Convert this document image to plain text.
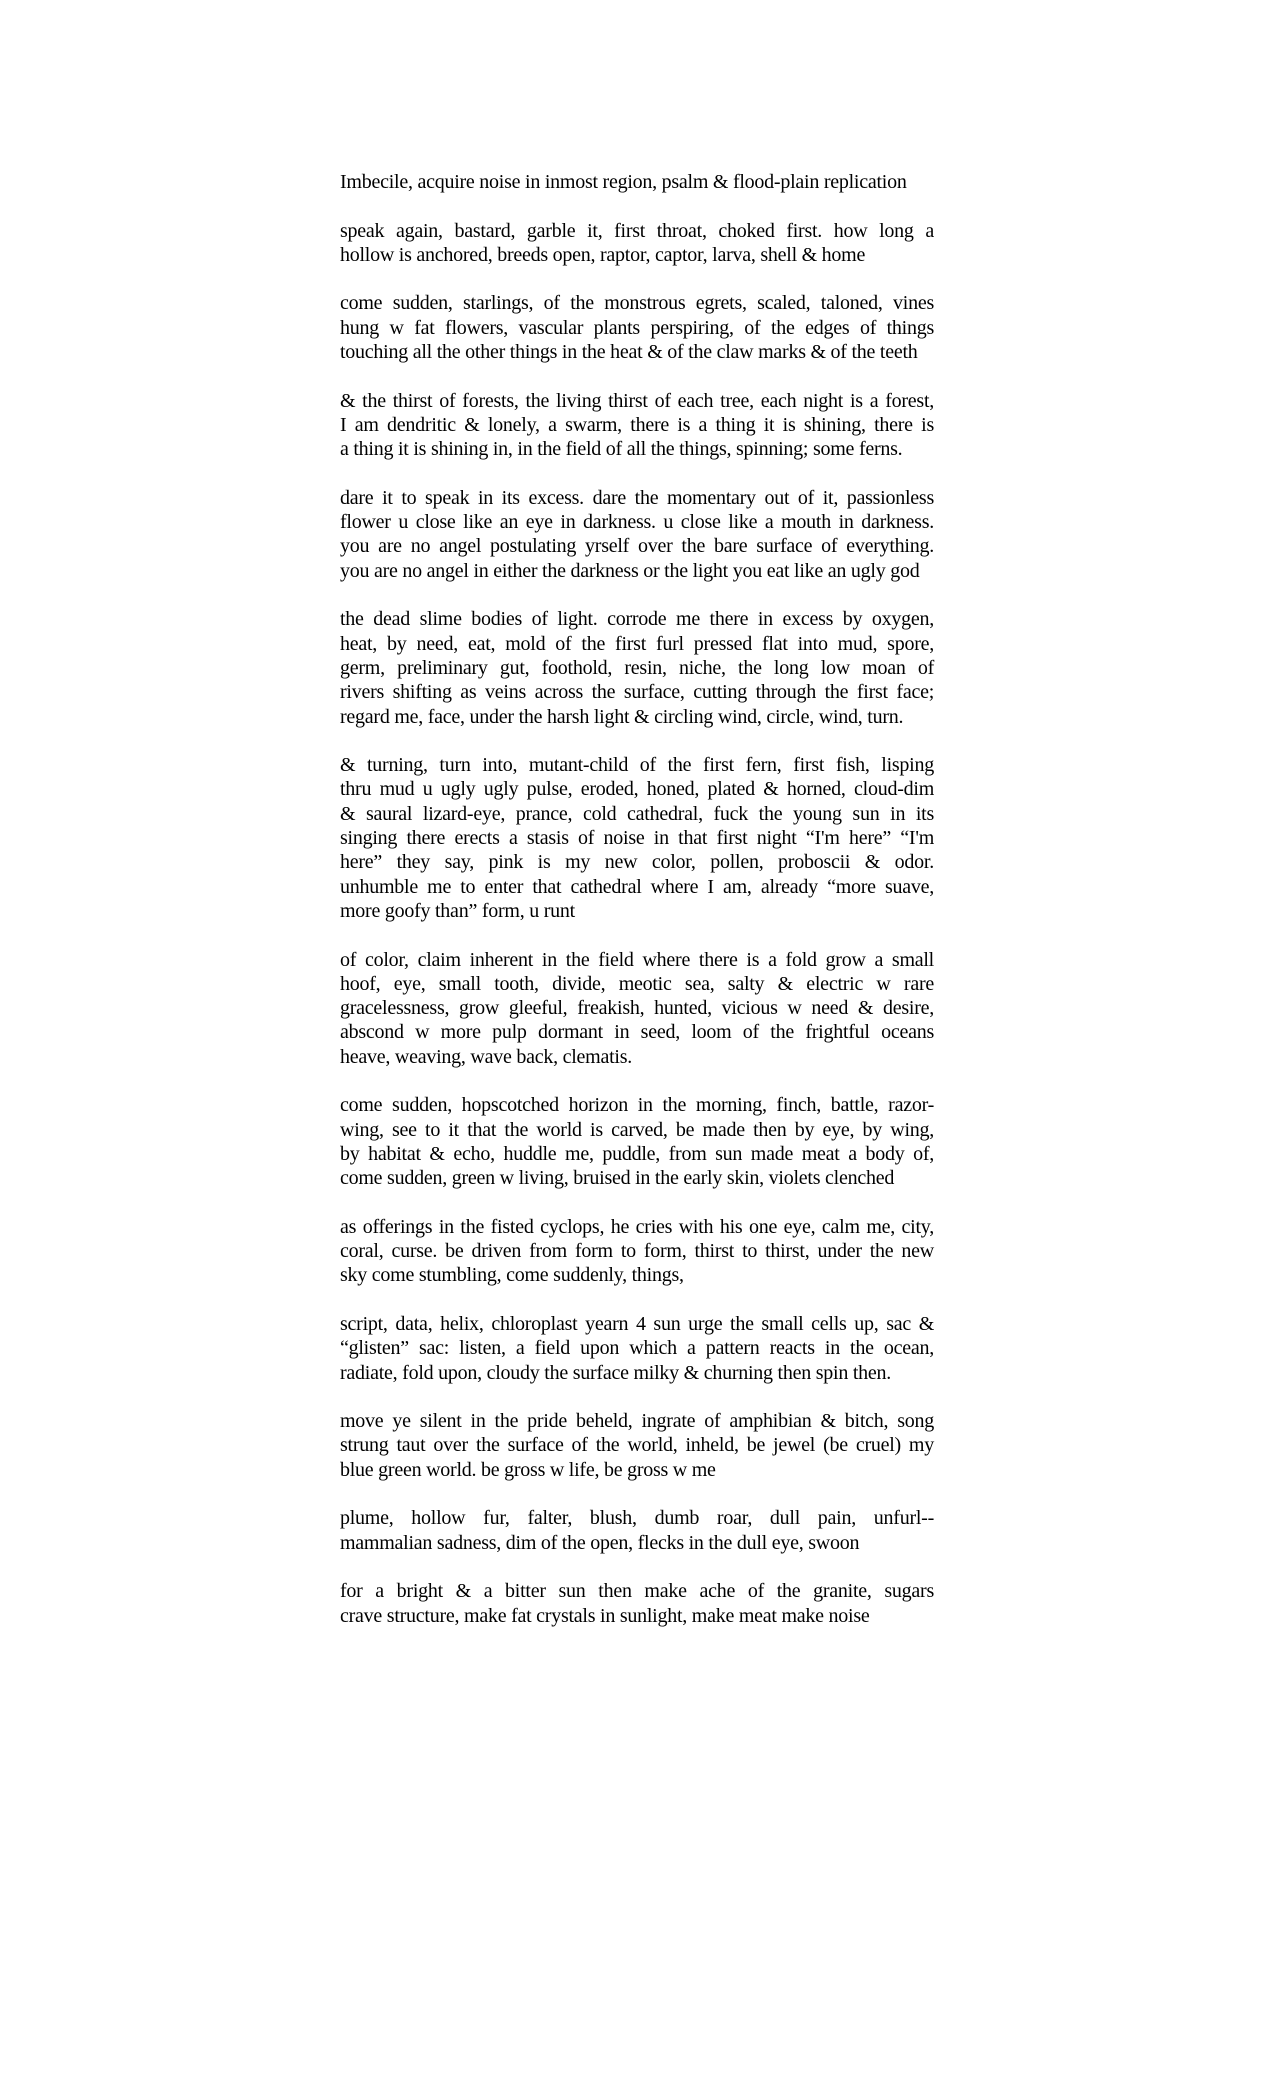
Imbecile, acquire noise in inmost region, psalm & flood-plain replication
speak again, bastard, garble it, first throat, choked first. how long a
hollow is anchored, breeds open, raptor, captor, larva, shell & home
come sudden, starlings, of the monstrous egrets, scaled, taloned, vines
hung w fat flowers, vascular plants perspiring, of the edges of things
touching all the other things in the heat & of the claw marks & of the teeth
& the thirst of forests, the living thirst of each tree, each night is a forest,
I am dendritic & lonely, a swarm, there is a thing it is shining, there is
a thing it is shining in, in the field of all the things, spinning; some ferns.
dare it to speak in its excess. dare the momentary out of it, passionless
flower u close like an eye in darkness. u close like a mouth in darkness.
you are no angel postulating yrself over the bare surface of everything.
you are no angel in either the darkness or the light you eat like an ugly god
the dead slime bodies of light. corrode me there in excess by oxygen,
heat, by need, eat, mold of the first furl pressed flat into mud, spore,
germ, preliminary gut, foothold, resin, niche, the long low moan of
rivers shifting as veins across the surface, cutting through the first face;
regard me, face, under the harsh light & circling wind, circle, wind, turn.
& turning, turn into, mutant-child of the first fern, first fish, lisping
thru mud u ugly ugly pulse, eroded, honed, plated & horned, cloud-dim
& saural lizard-eye, prance, cold cathedral, fuck the young sun in its
singing there erects a stasis of noise in that first night “I'm here” “I'm
here” they say, pink is my new color, pollen, proboscii & odor.
unhumble me to enter that cathedral where I am, already “more suave,
more goofy than” form, u runt
of color, claim inherent in the field where there is a fold grow a small
hoof, eye, small tooth, divide, meotic sea, salty & electric w rare
gracelessness, grow gleeful, freakish, hunted, vicious w need & desire,
abscond w more pulp dormant in seed, loom of the frightful oceans
heave, weaving, wave back, clematis.
come sudden, hopscotched horizon in the morning, finch, battle, razor-
wing, see to it that the world is carved, be made then by eye, by wing,
by habitat & echo, huddle me, puddle, from sun made meat a body of,
come sudden, green w living, bruised in the early skin, violets clenched
as offerings in the fisted cyclops, he cries with his one eye, calm me, city,
coral, curse. be driven from form to form, thirst to thirst, under the new
sky come stumbling, come suddenly, things,
script, data, helix, chloroplast yearn 4 sun urge the small cells up, sac &
“glisten” sac: listen, a field upon which a pattern reacts in the ocean,
radiate, fold upon, cloudy the surface milky & churning then spin then.
move ye silent in the pride beheld, ingrate of amphibian & bitch, song
strung taut over the surface of the world, inheld, be jewel (be cruel) my
blue green world. be gross w life, be gross w me
plume, hollow fur, falter, blush, dumb roar, dull pain, unfurl--
mammalian sadness, dim of the open, flecks in the dull eye, swoon
for a bright & a bitter sun then make ache of the granite, sugars
crave structure, make fat crystals in sunlight, make meat make noise
